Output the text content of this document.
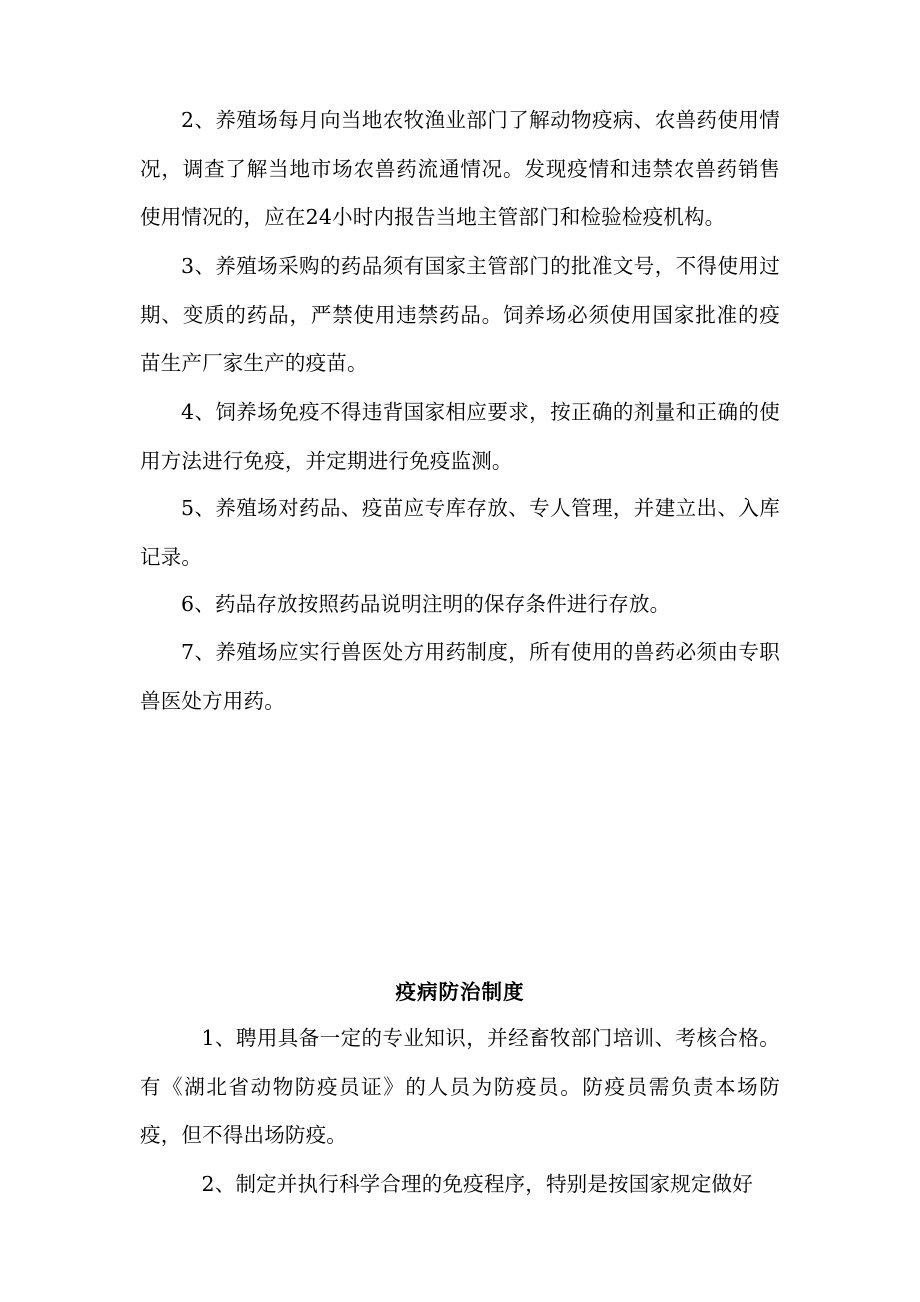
2、养殖场每月向当地农牧渔业部门了解动物疫病、农兽药使用情况，调查了解当地市场农兽药流通情况。发现疫情和违禁农兽药销售使用情况的，应在24小时内报告当地主管部门和检验检疫机构。

3、养殖场采购的药品须有国家主管部门的批准文号，不得使用过期、变质的药品，严禁使用违禁药品。饲养场必须使用国家批准的疫苗生产厂家生产的疫苗。

4、饲养场免疫不得违背国家相应要求，按正确的剂量和正确的使用方法进行免疫，并定期进行免疫监测。

5、养殖场对药品、疫苗应专库存放、专人管理，并建立出、入库记录。

6、药品存放按照药品说明注明的保存条件进行存放。

7、养殖场应实行兽医处方用药制度，所有使用的兽药必须由专职兽医处方用药。

疫病防治制度

1、聘用具备一定的专业知识，并经畜牧部门培训、考核合格。有《湖北省动物防疫员证》的人员为防疫员。防疫员需负责本场防疫，但不得出场防疫。

2、制定并执行科学合理的免疫程序，特别是按国家规定做好
